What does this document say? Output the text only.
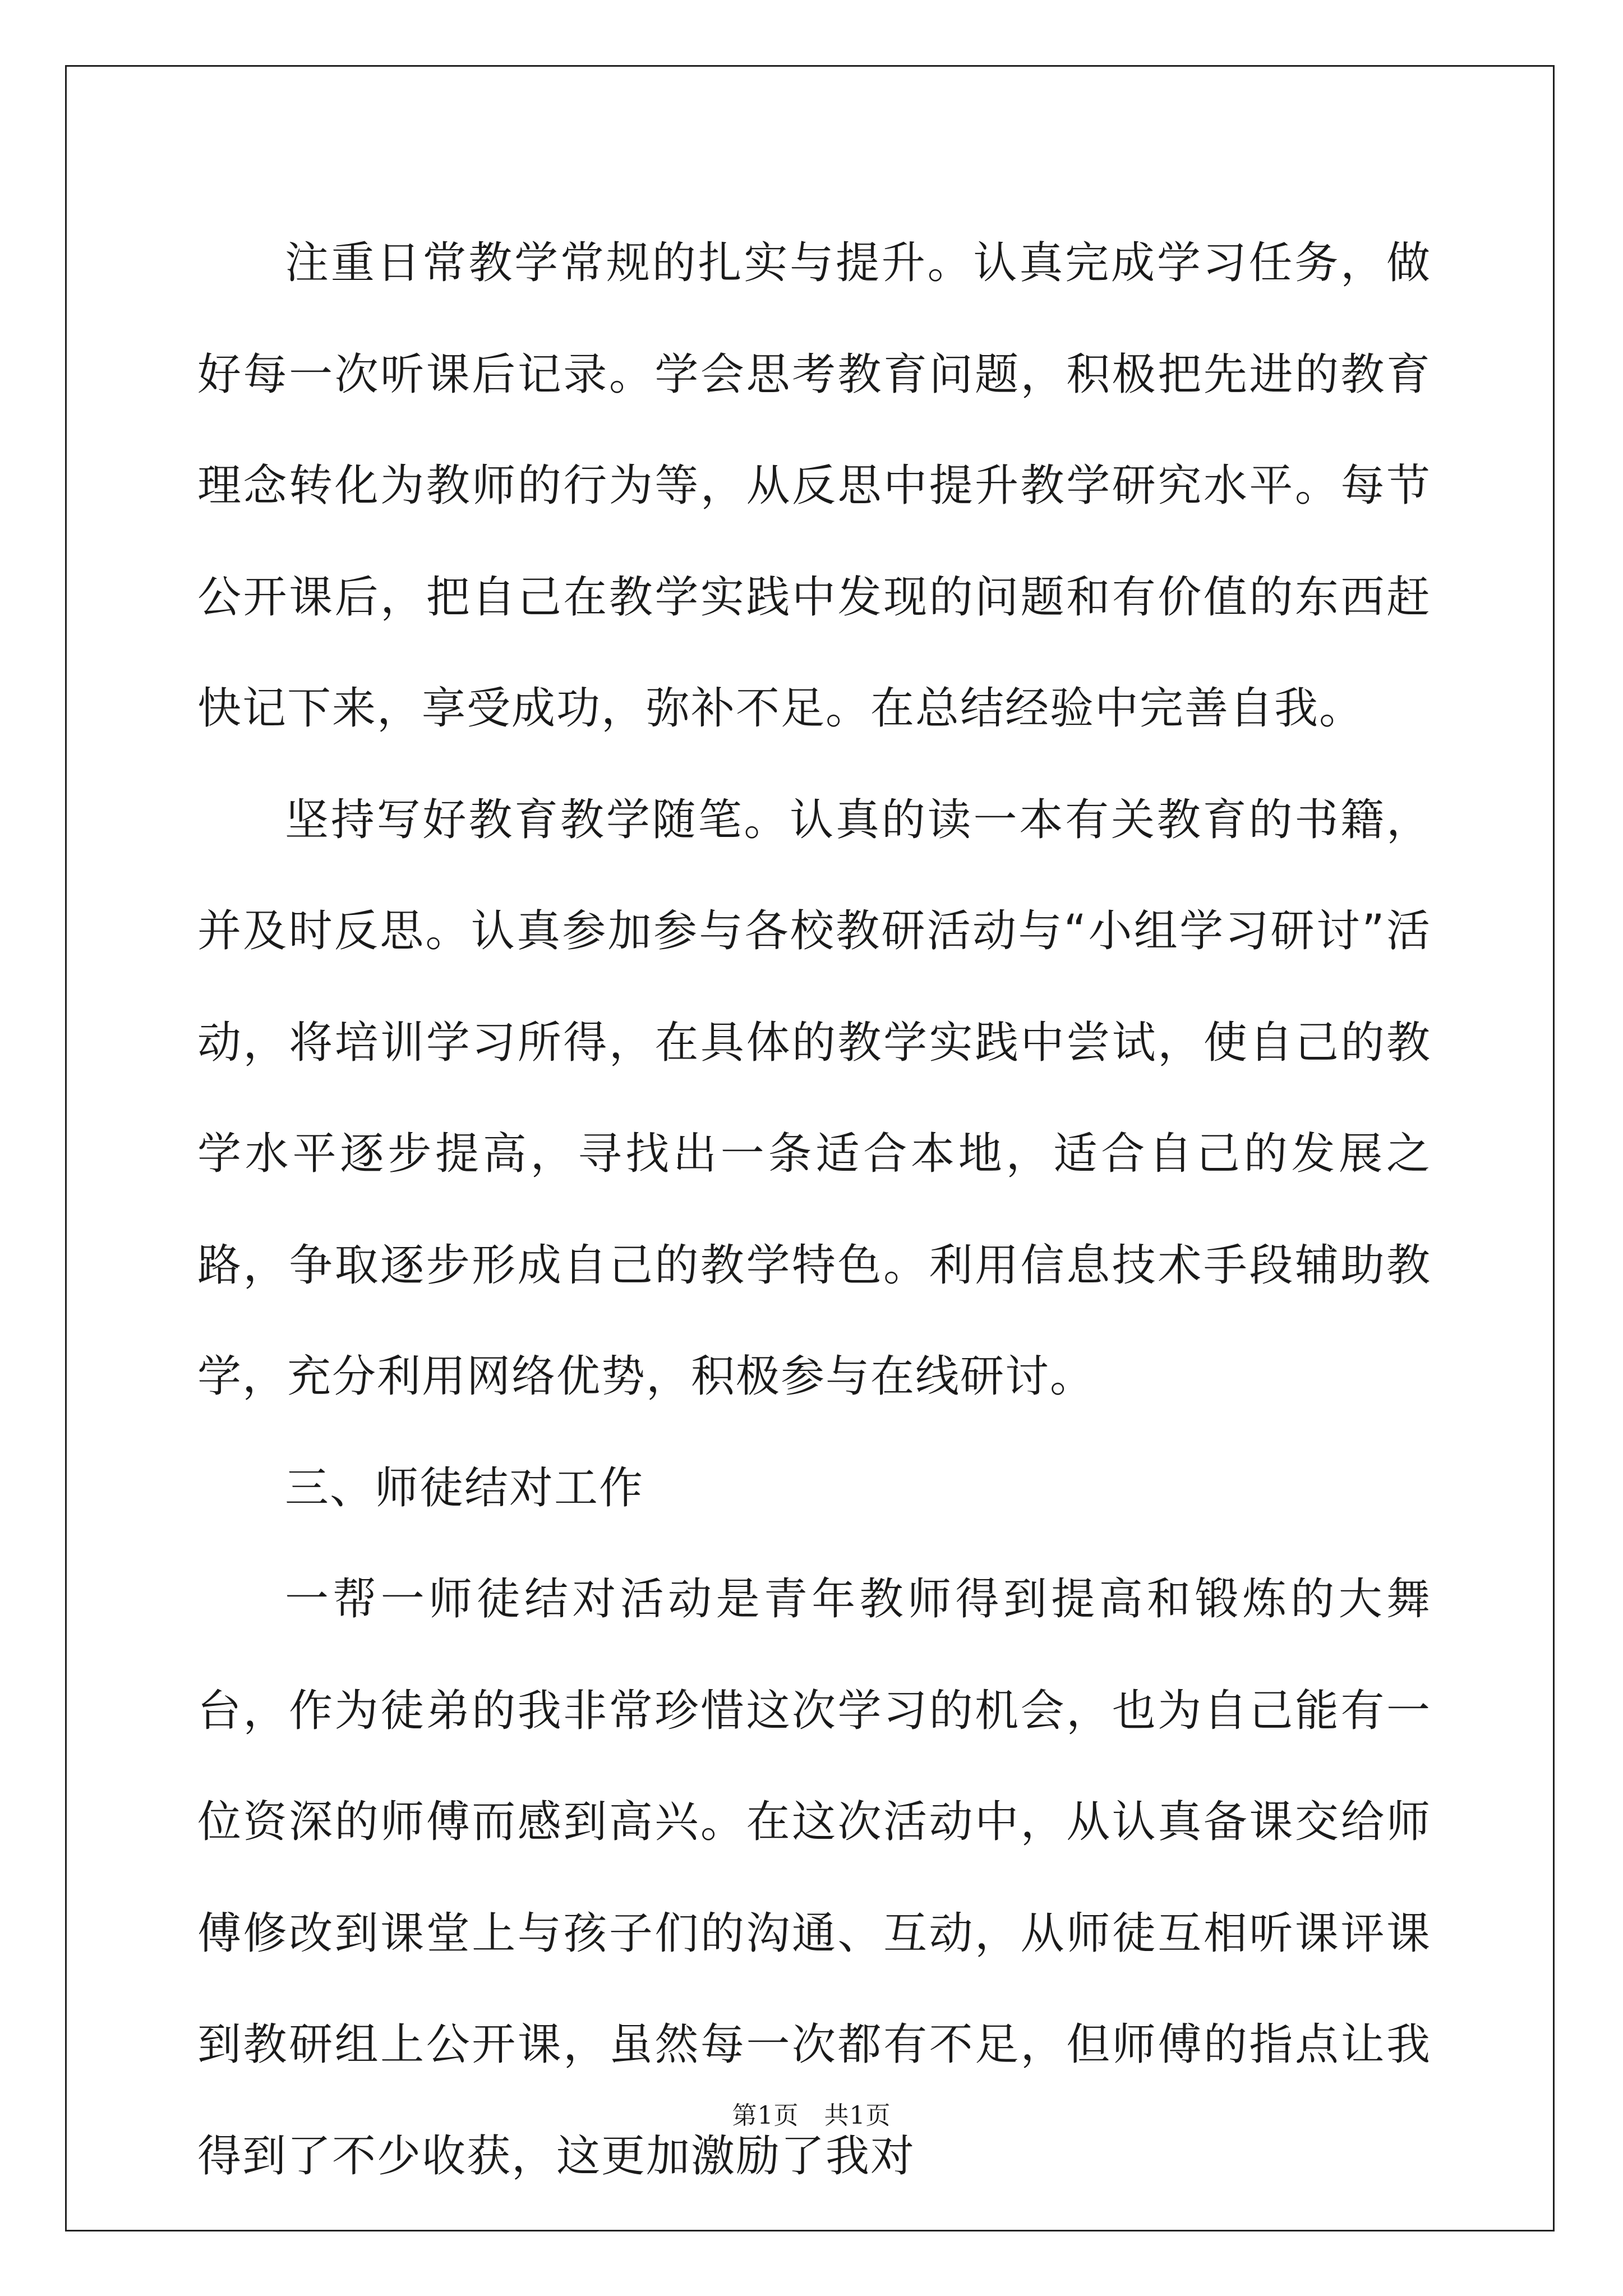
注重日常教学常规的扎实与提升。认真完成学习任务，做好每一次听课后记录。学会思考教育问题，积极把先进的教育理念转化为教师的行为等，从反思中提升教学研究水平。每节公开课后，把自己在教学实践中发现的问题和有价值的东西赶快记下来，享受成功，弥补不足。在总结经验中完善自我。

坚持写好教育教学随笔。认真的读一本有关教育的书籍，并及时反思。认真参加参与各校教研活动与“小组学习研讨”活动，将培训学习所得，在具体的教学实践中尝试，使自己的教学水平逐步提高，寻找出一条适合本地，适合自己的发展之路，争取逐步形成自己的教学特色。利用信息技术手段辅助教学，充分利用网络优势，积极参与在线研讨。

三、师徒结对工作

一帮一师徒结对活动是青年教师得到提高和锻炼的大舞台，作为徒弟的我非常珍惜这次学习的机会，也为自己能有一位资深的师傅而感到高兴。在这次活动中，从认真备课交给师傅修改到课堂上与孩子们的沟通、互动，从师徒互相听课评课到教研组上公开课，虽然每一次都有不足，但师傅的指点让我得到了不少收获，这更加激励了我对

第1页　共1页
